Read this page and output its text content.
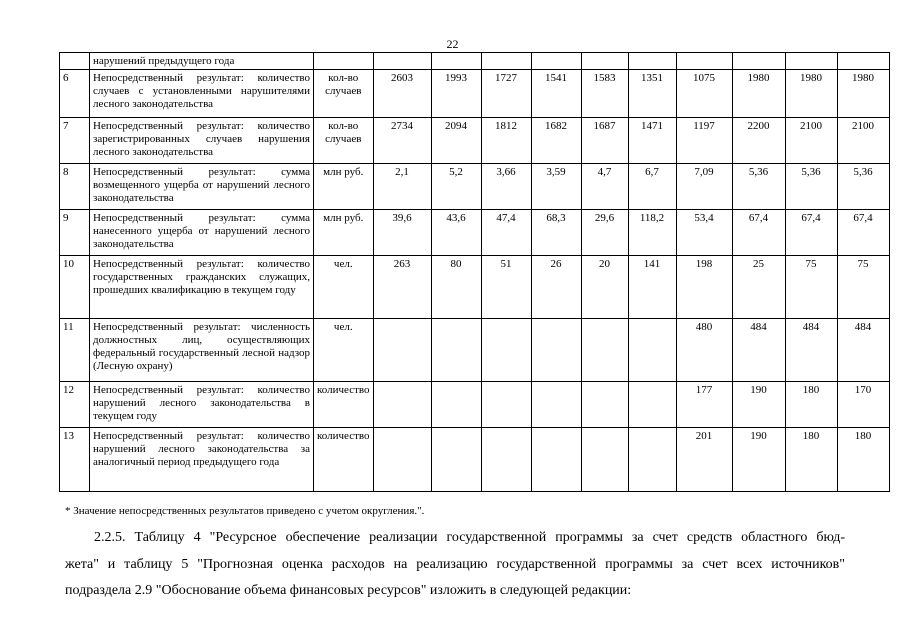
22
	нарушений предыдущего года											
6	Непосредственный результат: количество случаев с установленными нарушителями лесного законодательства	кол-во случаев	2603	1993	1727	1541	1583	1351	1075	1980	1980	1980
7	Непосредственный результат: количество зарегистрированных случаев нарушения лесного законодательства	кол-во случаев	2734	2094	1812	1682	1687	1471	1197	2200	2100	2100
8	Непосредственный результат: сумма возмещенного ущерба от нарушений лесного законодательства	млн руб.	2,1	5,2	3,66	3,59	4,7	6,7	7,09	5,36	5,36	5,36
9	Непосредственный результат: сумма нанесенного ущерба от нарушений лесного законодательства	млн руб.	39,6	43,6	47,4	68,3	29,6	118,2	53,4	67,4	67,4	67,4
10	Непосредственный результат: количество государственных гражданских служащих, прошедших квалификацию в текущем году	чел.	263	80	51	26	20	141	198	25	75	75
11	Непосредственный результат: численность должностных лиц, осуществляющих федеральный государственный лесной надзор (Лесную охрану)	чел.							480	484	484	484
12	Непосредственный результат: количество нарушений лесного законодательства в текущем году	количество							177	190	180	170
13	Непосредственный результат: количество нарушений лесного законодательства за аналогичный период предыдущего года	количество							201	190	180	180
* Значение непосредственных результатов приведено с учетом округления.".
2.2.5. Таблицу 4 "Ресурсное обеспечение реализации государственной программы за счет средств областного бюд-
жета" и таблицу 5 "Прогнозная оценка расходов на реализацию государственной программы за счет всех источников"
подраздела 2.9 "Обоснование объема финансовых ресурсов" изложить в следующей редакции:
